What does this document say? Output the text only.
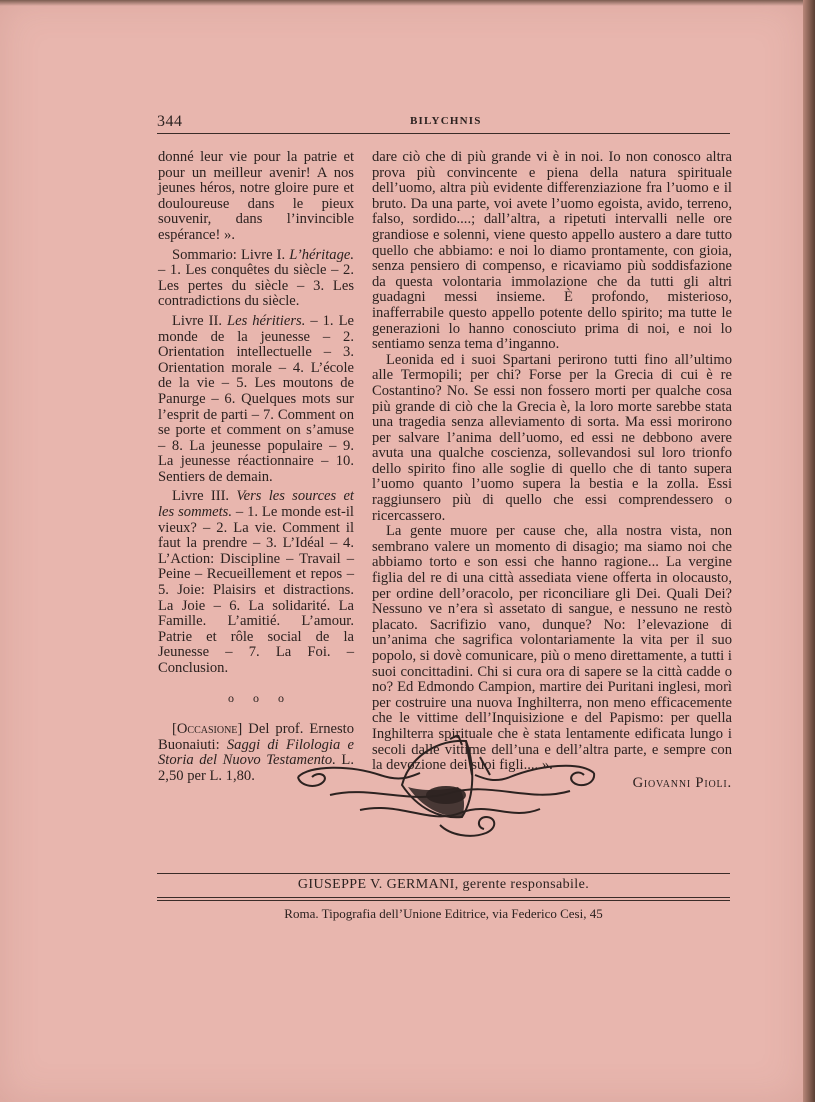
344	BILYCHNIS

donné leur vie pour la patrie et pour un meilleur avenir! A nos jeunes héros, notre gloire pure et douloureuse dans le pieux souvenir, dans l’invincible espérance! ».

Sommario: Livre I. L’héritage. – 1. Les conquêtes du siècle – 2. Les pertes du siècle – 3. Les contradictions du siècle.

Livre II. Les héritiers. – 1. Le monde de la jeunesse – 2. Orientation intellectuelle – 3. Orientation morale – 4. L’école de la vie – 5. Les moutons de Panurge – 6. Quelques mots sur l’esprit de parti – 7. Comment on se porte et comment on s’amuse – 8. La jeunesse populaire – 9. La jeunesse réactionnaire – 10. Sentiers de demain.

Livre III. Vers les sources et les sommets. – 1. Le monde est-il vieux? – 2. La vie. Comment il faut la prendre – 3. L’Idéal – 4. L’Action: Discipline – Travail – Peine – Recueillement et repos – 5. Joie: Plaisirs et distractions. La Joie – 6. La solidarité. La Famille. L’amitié. L’amour. Patrie et rôle social de la Jeunesse – 7. La Foi. – Conclusion.

o o o

[Occasione] Del prof. Ernesto Buonaiuti: Saggi di Filologia e Storia del Nuovo Testamento. L. 2,50 per L. 1,80.

dare ciò che di più grande vi è in noi. Io non conosco altra prova più convincente e piena della natura spirituale dell’uomo, altra più evidente differenziazione fra l’uomo e il bruto. Da una parte, voi avete l’uomo egoista, avido, terreno, falso, sordido....; dall’altra, a ripetuti intervalli nelle ore grandiose e solenni, viene questo appello austero a dare tutto quello che abbiamo: e noi lo diamo prontamente, con gioia, senza pensiero di compenso, e ricaviamo più soddisfazione da questa volontaria immolazione che da tutti gli altri guadagni messi insieme. È profondo, misterioso, inafferrabile questo appello potente dello spirito; ma tutte le generazioni lo hanno conosciuto prima di noi, e noi lo sentiamo senza tema d’inganno.

Leonida ed i suoi Spartani perirono tutti fino all’ultimo alle Termopili; per chi? Forse per la Grecia di cui è re Costantino? No. Se essi non fossero morti per qualche cosa più grande di ciò che la Grecia è, la loro morte sarebbe stata una tragedia senza alleviamento di sorta. Ma essi morirono per salvare l’anima dell’uomo, ed essi ne debbono avere avuta una qualche coscienza, sollevandosi sul loro trionfo dello spirito fino alle soglie di quello che di tanto supera l’uomo quanto l’uomo supera la bestia e la zolla. Essi raggiunsero più di quello che essi comprendessero o ricercassero.

La gente muore per cause che, alla nostra vista, non sembrano valere un momento di disagio; ma siamo noi che abbiamo torto e son essi che hanno ragione... La vergine figlia del re di una città assediata viene offerta in olocausto, per ordine dell’oracolo, per riconciliare gli Dei. Quali Dei? Nessuno ve n’era sì assetato di sangue, e nessuno ne restò placato. Sacrifizio vano, dunque? No: l’elevazione di un’anima che sagrifica volontariamente la vita per il suo popolo, si dovè comunicare, più o meno direttamente, a tutti i suoi concittadini. Chi si cura ora di sapere se la città cadde o no? Ed Edmondo Campion, martire dei Puritani inglesi, morì per costruire una nuova Inghilterra, non meno efficacemente che le vittime dell’Inquisizione e del Papismo: per quella Inghilterra spirituale che è stata lentamente edificata lungo i secoli dalle vittime dell’una e dell’altra parte, e sempre con la devozione dei suoi figli.... ».

Giovanni Pioli.

GIUSEPPE V. GERMANI, gerente responsabile.
Roma. Tipografia dell’Unione Editrice, via Federico Cesi, 45
